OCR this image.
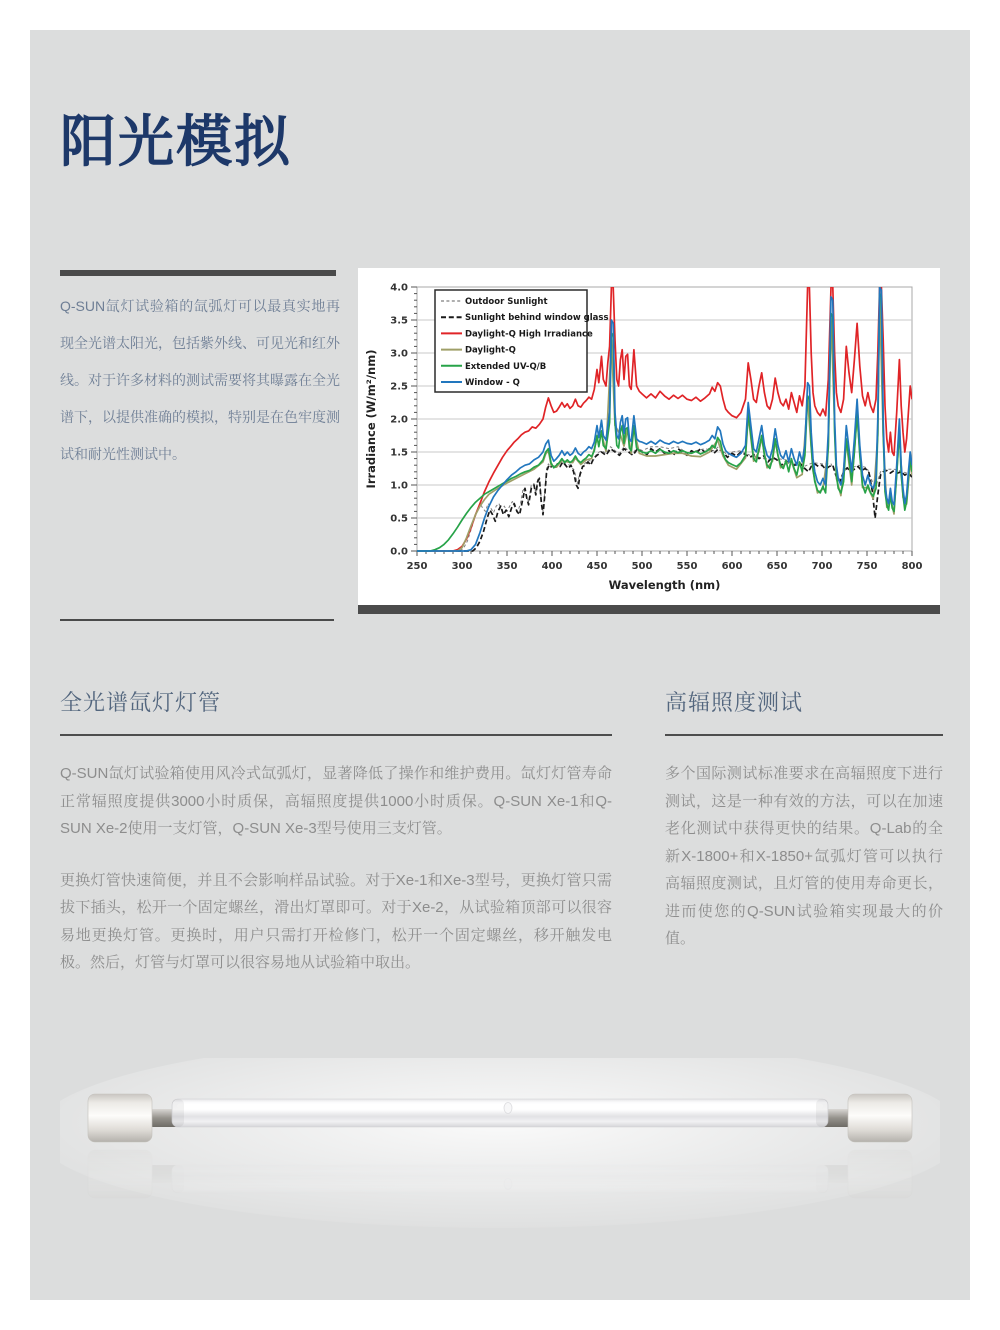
阳光模拟
Q-SUN氙灯试验箱的氙弧灯可以最真实地再 现全光谱太阳光，包括紫外线、可见光和红外线。对于许多材料的测试需要将其曝露在全光谱下，以提供准确的模拟，特别是在色牢度测 试和耐光性测试中。
0.0
0.5
1.0
1.5
2.0
2.5
3.0
3.5
4.0
250 300 350 400 450 500 550 600 650 700 750 800
Wavelength (nm)
Irradiance (W/m²/nm)
Outdoor Sunlight
Sunlight behind window glass
Daylight-Q High Irradiance
Daylight-Q
Extended UV-Q/B
Window - Q
全光谱氙灯灯管
Q-SUN氙灯试验箱使用风冷式氙弧灯，显著降低了操作和维护费用。氙灯灯管寿命正常辐照度提供3000小时质保，高辐照度提供1000小时质保。Q-SUN Xe-1和Q-SUN Xe-2使用一支灯管，Q-SUN Xe-3型号使用三支灯管。
更换灯管快速简便，并且不会影响样品试验。对于Xe-1和Xe-3型号，更换灯管只需拔下插头，松开一个固定螺丝，滑出灯罩即可。对于Xe-2，从试验箱顶部可以很容易地更换灯管。更换时，用户只需打开检修门，松开一个固定螺丝，移开触发电极。然后，灯管与灯罩可以很容易地从试验箱中取出。
高辐照度测试
多个国际测试标准要求在高辐照度下进行测试，这是一种有效的方法，可以在加速老化测试中获得更快的结果。Q-Lab的全新X-1800+和X-1850+氙弧灯管可以执行高辐照度测试，且灯管的使用寿命更长，进而使您的Q-SUN试验箱实现最大的价值。
